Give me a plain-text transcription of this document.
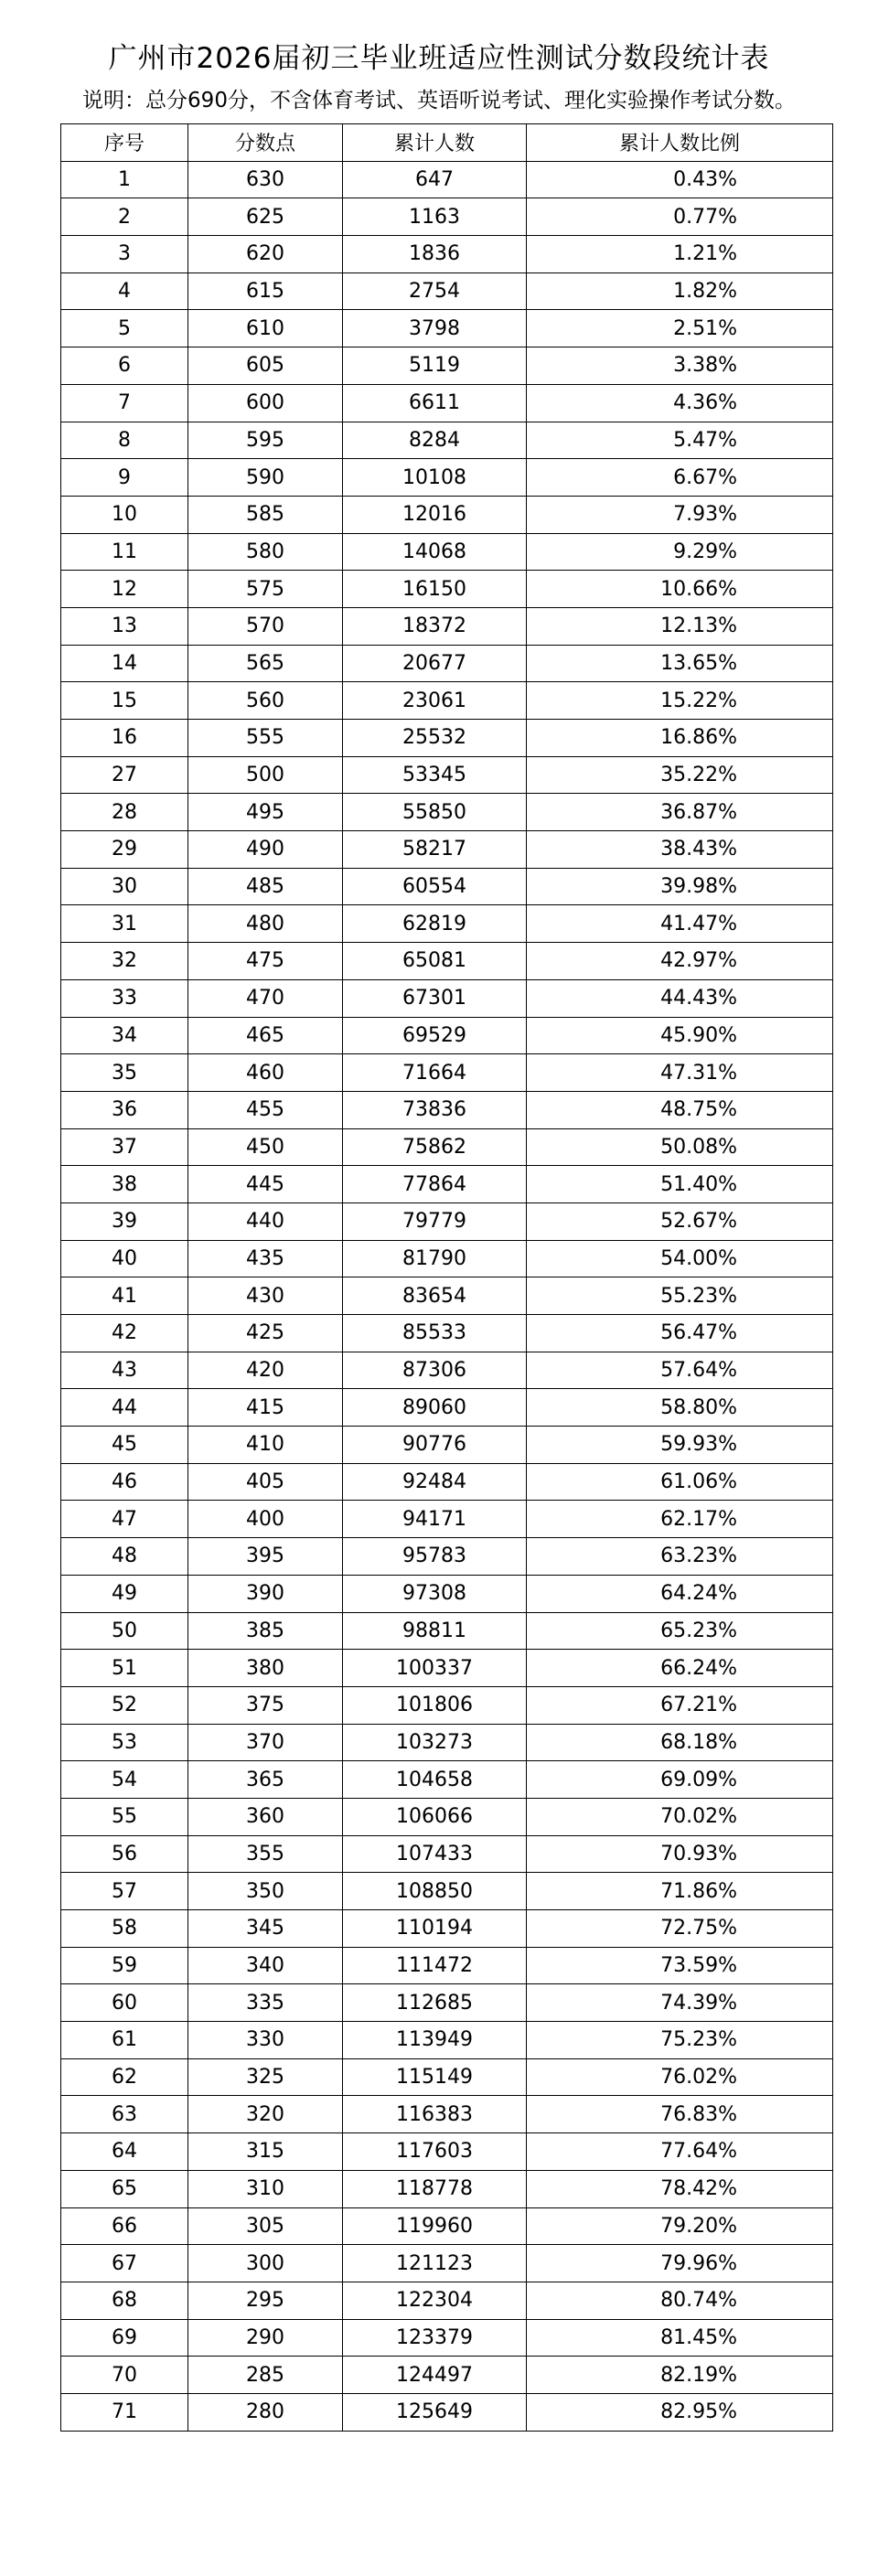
广州市2026届初三毕业班适应性测试分数段统计表
说明：总分690分，不含体育考试、英语听说考试、理化实验操作考试分数。
序号	分数点	累计人数	累计人数比例
1	630	647	0.43%
2	625	1163	0.77%
3	620	1836	1.21%
4	615	2754	1.82%
5	610	3798	2.51%
6	605	5119	3.38%
7	600	6611	4.36%
8	595	8284	5.47%
9	590	10108	6.67%
10	585	12016	7.93%
11	580	14068	9.29%
12	575	16150	10.66%
13	570	18372	12.13%
14	565	20677	13.65%
15	560	23061	15.22%
16	555	25532	16.86%
27	500	53345	35.22%
28	495	55850	36.87%
29	490	58217	38.43%
30	485	60554	39.98%
31	480	62819	41.47%
32	475	65081	42.97%
33	470	67301	44.43%
34	465	69529	45.90%
35	460	71664	47.31%
36	455	73836	48.75%
37	450	75862	50.08%
38	445	77864	51.40%
39	440	79779	52.67%
40	435	81790	54.00%
41	430	83654	55.23%
42	425	85533	56.47%
43	420	87306	57.64%
44	415	89060	58.80%
45	410	90776	59.93%
46	405	92484	61.06%
47	400	94171	62.17%
48	395	95783	63.23%
49	390	97308	64.24%
50	385	98811	65.23%
51	380	100337	66.24%
52	375	101806	67.21%
53	370	103273	68.18%
54	365	104658	69.09%
55	360	106066	70.02%
56	355	107433	70.93%
57	350	108850	71.86%
58	345	110194	72.75%
59	340	111472	73.59%
60	335	112685	74.39%
61	330	113949	75.23%
62	325	115149	76.02%
63	320	116383	76.83%
64	315	117603	77.64%
65	310	118778	78.42%
66	305	119960	79.20%
67	300	121123	79.96%
68	295	122304	80.74%
69	290	123379	81.45%
70	285	124497	82.19%
71	280	125649	82.95%
